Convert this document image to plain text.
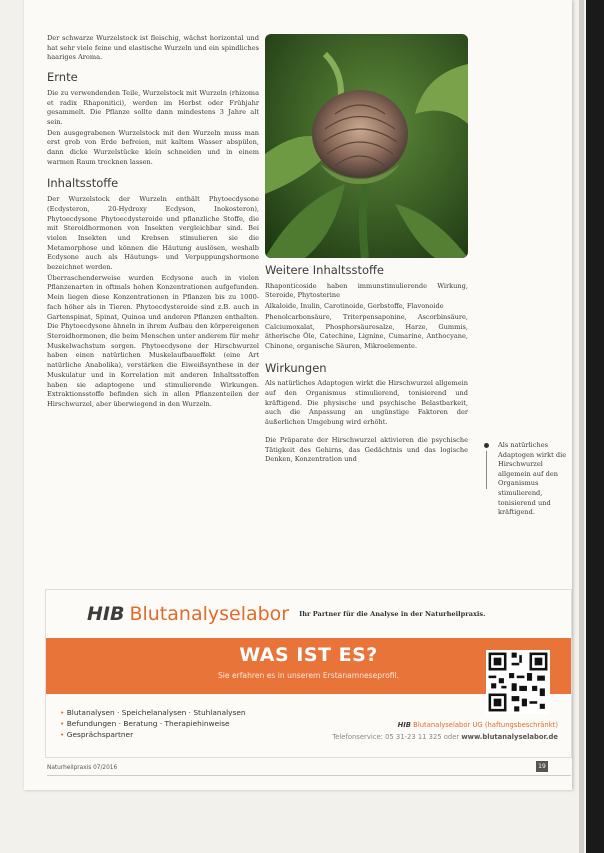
Der schwarze Wurzelstock ist fleischig, wächst horizontal und hat sehr viele feine und elastische Wurzeln und ein spindliches haariges Aroma.

Ernte

Die zu verwendenden Teile, Wurzelstock mit Wurzeln (rhizoma et radix Rhaponitici), werden im Herbst oder Frühjahr gesammelt. Die Pflanze sollte dann mindestens 3 Jahre alt sein.

Den ausgegrabenen Wurzelstock mit den Wurzeln muss man erst grob von Erde befreien, mit kaltem Wasser abspülen, dann dicke Wurzelstücke klein schneiden und in einem warmen Raum trocknen lassen.

Inhaltsstoffe

Der Wurzelstock der Wurzeln enthält Phytoecdysone (Ecdysteron, 20-Hydroxy Ecdyson, Inokosteron), Phytoecdysone Phytoecdysteroide und pflanzliche Stoffe, die mit Steroidhormonen von Insekten vergleichbar sind. Bei vielen Insekten und Krebsen stimulieren sie die Metamorphose und können die Häutung auslösen, weshalb Ecdysone auch als Häutungs- und Verpuppungshormone bezeichnet werden.

Überraschenderweise wurden Ecdysone auch in vielen Pflanzenarten in oftmals hohen Konzentrationen aufgefunden. Mein liegen diese Konzentrationen in Pflanzen bis zu 1000-fach höher als in Tieren. Phytoecdysteroide sind z.B. auch in Gartenspinat, Spinat, Quinoa und anderen Pflanzen enthalten. Die Phytoecdysone ähneln in ihrem Aufbau den körpereigenen Steroidhormonen, die beim Menschen unter anderem für mehr Muskelwachstum sorgen. Phytoecdysone der Hirschwurzel haben einen natürlichen Muskelaufbaueffekt (eine Art natürliche Anabolika), verstärken die Eiweißsynthese in der Muskulatur und in Korrelation mit anderen Inhaltsstoffen haben sie adaptogene und stimulierende Wirkungen. Extraktionsstoffe befinden sich in allen Pflanzenteilen der Hirschwurzel, aber überwiegend in den Wurzeln.

Weitere Inhaltsstoffe

Rhaponticoside haben immunstimulierende Wirkung, Steroide, Phytosterine

Alkaloide, Inulin, Carotinoide, Gerbstoffe, Flavonoide

Phenolcarbonsäure, Triterpensaponine, Ascorbinsäure, Calciumoxalat, Phosphorsäuresalze, Harze, Gummis, ätherische Öle, Catechine, Lignine, Cumarine, Anthocyane, Chinone, organische Säuren, Mikroelemente.

Wirkungen

Als natürliches Adaptogen wirkt die Hirschwurzel allgemein auf den Organismus stimulierend, tonisierend und kräftigend. Die physische und psychische Belastbarkeit, auch die Anpassung an ungünstige Faktoren der äußerlichen Umgebung wird erhöht.

Die Präparate der Hirschwurzel aktivieren die psychische Tätigkeit des Gehirns, das Gedächtnis und das logische Denken, Konzentration und

Als natürliches Adaptogen wirkt die Hirschwurzel allgemein auf den Organismus stimulierend, tonisierend und kräftigend.
HIB Blutanalyselabor Ihr Partner für die Analyse in der Naturheilpraxis.
WAS IST ES?
Sie erfahren es in unserem Erstanamneseprofil.
• Blutanalysen · Speichelanalysen · Stuhlanalysen
• Befundungen · Beratung · Therapiehinweise
• Gesprächspartner
HIB Blutanalyselabor UG (haftungsbeschränkt)
Telefonservice: 05 31-23 11 325 oder www.blutanalyselabor.de
Naturheilpraxis 07/2016	19
